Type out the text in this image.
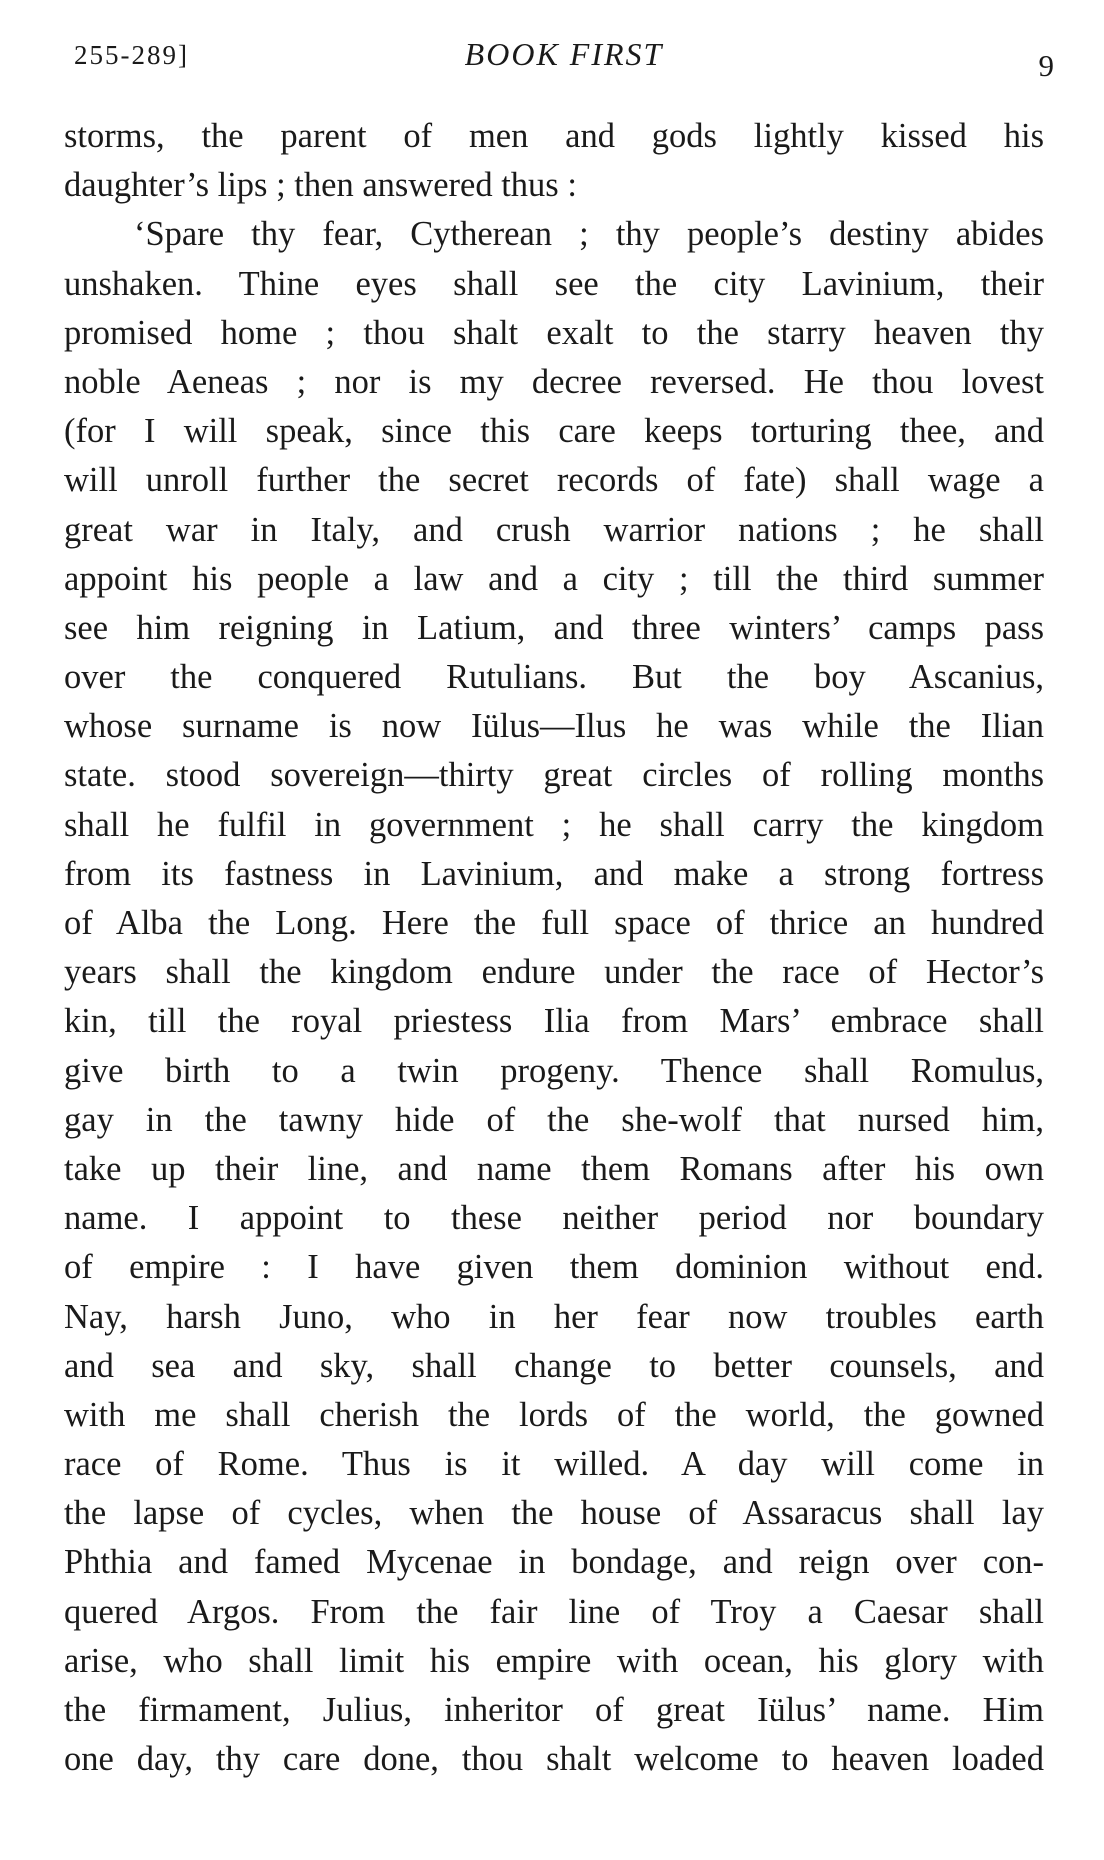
255-289]	BOOK FIRST	9
storms, the parent of men and gods lightly kissed his
daughter’s lips ; then answered thus :
‘Spare thy fear, Cytherean ; thy people’s destiny abides
unshaken. Thine eyes shall see the city Lavinium, their
promised home ; thou shalt exalt to the starry heaven thy
noble Aeneas ; nor is my decree reversed. He thou lovest
(for I will speak, since this care keeps torturing thee, and
will unroll further the secret records of fate) shall wage a
great war in Italy, and crush warrior nations ; he shall
appoint his people a law and a city ; till the third summer
see him reigning in Latium, and three winters’ camps pass
over the conquered Rutulians. But the boy Ascanius,
whose surname is now Iülus—Ilus he was while the Ilian
state. stood sovereign—thirty great circles of rolling months
shall he fulfil in government ; he shall carry the kingdom
from its fastness in Lavinium, and make a strong fortress
of Alba the Long. Here the full space of thrice an hundred
years shall the kingdom endure under the race of Hector’s
kin, till the royal priestess Ilia from Mars’ embrace shall
give birth to a twin progeny. Thence shall Romulus,
gay in the tawny hide of the she-wolf that nursed him,
take up their line, and name them Romans after his own
name. I appoint to these neither period nor boundary
of empire : I have given them dominion without end.
Nay, harsh Juno, who in her fear now troubles earth
and sea and sky, shall change to better counsels, and
with me shall cherish the lords of the world, the gowned
race of Rome. Thus is it willed. A day will come in
the lapse of cycles, when the house of Assaracus shall lay
Phthia and famed Mycenae in bondage, and reign over con-
quered Argos. From the fair line of Troy a Caesar shall
arise, who shall limit his empire with ocean, his glory with
the firmament, Julius, inheritor of great Iülus’ name. Him
one day, thy care done, thou shalt welcome to heaven loaded
